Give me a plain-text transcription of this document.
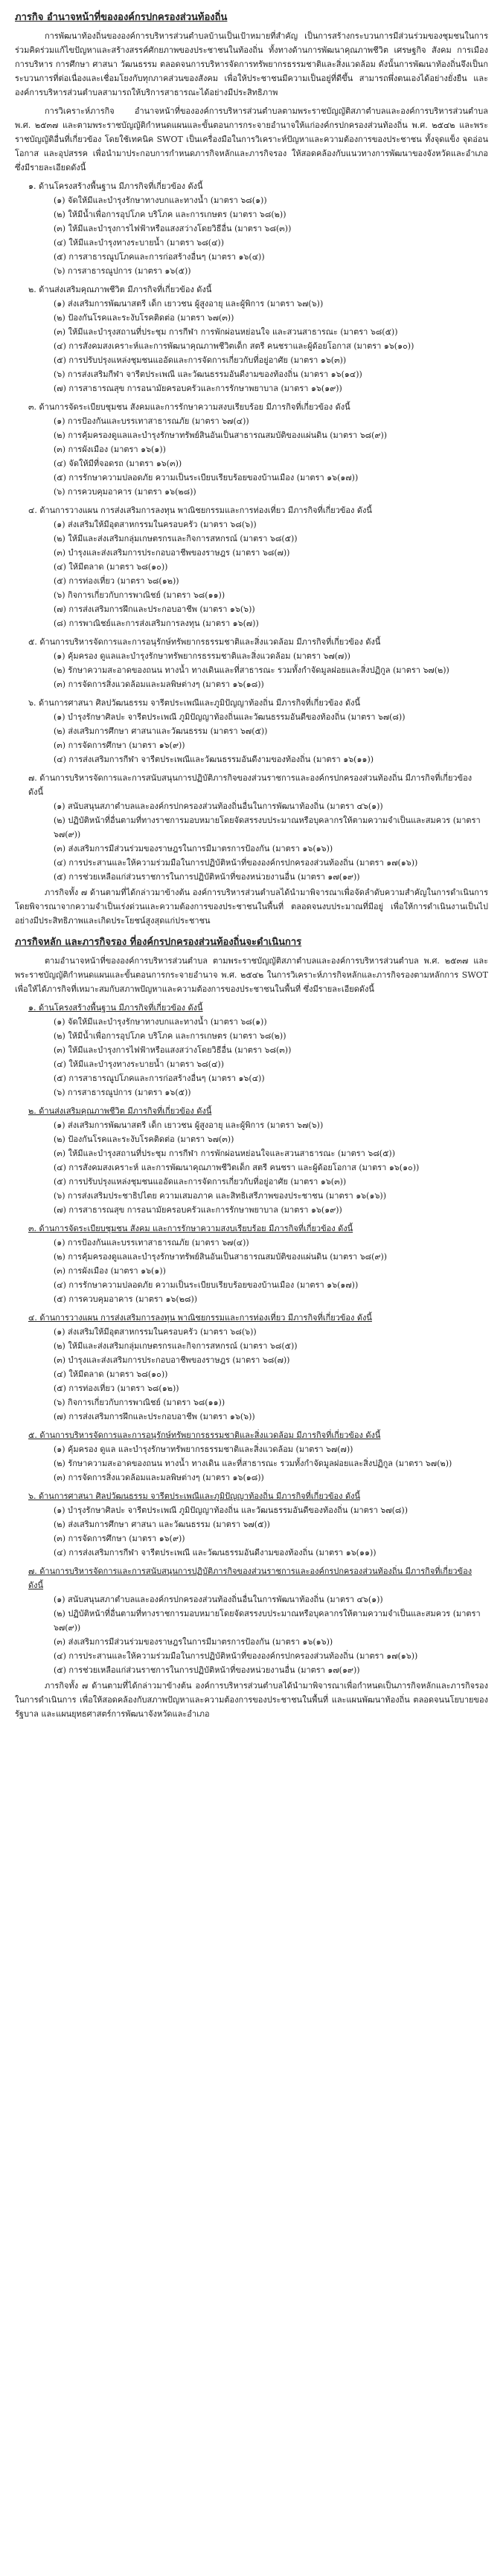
ภารกิจ อำนาจหน้าที่ขององค์กรปกครองส่วนท้องถิ่น

การพัฒนาท้องถิ่นขององค์การบริหารส่วนตำบลบ้านเป็นเป้าหมายที่สำคัญ เป็นการสร้างกระบวนการมีส่วนร่วมของชุมชนในการร่วมคิดร่วมแก้ไขปัญหาและสร้างสรรค์ศักยภาพของประชาชนในท้องถิ่น ทั้งทางด้านการพัฒนาคุณภาพชีวิต เศรษฐกิจ สังคม การเมือง การบริหาร การศึกษา ศาสนา วัฒนธรรม ตลอดจนการบริหารจัดการทรัพยากรธรรมชาติและสิ่งแวดล้อม ดังนั้นการพัฒนาท้องถิ่นจึงเป็นกระบวนการที่ต่อเนื่องและเชื่อมโยงกับทุกภาคส่วนของสังคม เพื่อให้ประชาชนมีความเป็นอยู่ที่ดีขึ้น สามารถพึ่งตนเองได้อย่างยั่งยืน และองค์การบริหารส่วนตำบลสามารถให้บริการสาธารณะได้อย่างมีประสิทธิภาพ

การวิเคราะห์ภารกิจ อำนาจหน้าที่ขององค์การบริหารส่วนตำบลตามพระราชบัญญัติสภาตำบลและองค์การบริหารส่วนตำบล พ.ศ. ๒๕๓๗ และตามพระราชบัญญัติกำหนดแผนและขั้นตอนการกระจายอำนาจให้แก่องค์กรปกครองส่วนท้องถิ่น พ.ศ. ๒๕๔๒ และพระราชบัญญัติอื่นที่เกี่ยวข้อง โดยใช้เทคนิค SWOT เป็นเครื่องมือในการวิเคราะห์ปัญหาและความต้องการของประชาชน ทั้งจุดแข็ง จุดอ่อน โอกาส และอุปสรรค เพื่อนำมาประกอบการกำหนดภารกิจหลักและภารกิจรอง ให้สอดคล้องกับแนวทางการพัฒนาของจังหวัดและอำเภอ ซึ่งมีรายละเอียดดังนี้

๑. ด้านโครงสร้างพื้นฐาน มีภารกิจที่เกี่ยวข้อง ดังนี้
(๑) จัดให้มีและบำรุงรักษาทางบกและทางน้ำ (มาตรา ๖๘(๑))
(๒) ให้มีน้ำเพื่อการอุปโภค บริโภค และการเกษตร (มาตรา ๖๘(๒))
(๓) ให้มีและบำรุงการไฟฟ้าหรือแสงสว่างโดยวิธีอื่น (มาตรา ๖๘(๓))
(๔) ให้มีและบำรุงทางระบายน้ำ (มาตรา ๖๘(๔))
(๕) การสาธารณูปโภคและการก่อสร้างอื่นๆ (มาตรา ๑๖(๔))
(๖) การสาธารณูปการ (มาตรา ๑๖(๕))
๒. ด้านส่งเสริมคุณภาพชีวิต มีภารกิจที่เกี่ยวข้อง ดังนี้
(๑) ส่งเสริมการพัฒนาสตรี เด็ก เยาวชน ผู้สูงอายุ และผู้พิการ (มาตรา ๖๗(๖))
(๒) ป้องกันโรคและระงับโรคติดต่อ (มาตรา ๖๗(๓))
(๓) ให้มีและบำรุงสถานที่ประชุม การกีฬา การพักผ่อนหย่อนใจ และสวนสาธารณะ (มาตรา ๖๘(๕))
(๔) การสังคมสงเคราะห์และการพัฒนาคุณภาพชีวิตเด็ก สตรี คนชราและผู้ด้อยโอกาส (มาตรา ๑๖(๑๐))
(๕) การปรับปรุงแหล่งชุมชนแออัดและการจัดการเกี่ยวกับที่อยู่อาศัย (มาตรา ๑๖(๓))
(๖) การส่งเสริมกีฬา จารีตประเพณี และวัฒนธรรมอันดีงามของท้องถิ่น (มาตรา ๑๖(๑๔))
(๗) การสาธารณสุข การอนามัยครอบครัวและการรักษาพยาบาล (มาตรา ๑๖(๑๙))
๓. ด้านการจัดระเบียบชุมชน สังคมและการรักษาความสงบเรียบร้อย มีภารกิจที่เกี่ยวข้อง ดังนี้
(๑) การป้องกันและบรรเทาสาธารณภัย (มาตรา ๖๗(๔))
(๒) การคุ้มครองดูแลและบำรุงรักษาทรัพย์สินอันเป็นสาธารณสมบัติของแผ่นดิน (มาตรา ๖๘(๙))
(๓) การผังเมือง (มาตรา ๑๖(๑))
(๔) จัดให้มีที่จอดรถ (มาตรา ๑๖(๓))
(๕) การรักษาความปลอดภัย ความเป็นระเบียบเรียบร้อยของบ้านเมือง (มาตรา ๑๖(๑๗))
(๖) การควบคุมอาคาร (มาตรา ๑๖(๒๘))
๔. ด้านการวางแผน การส่งเสริมการลงทุน พาณิชยกรรมและการท่องเที่ยว มีภารกิจที่เกี่ยวข้อง ดังนี้
(๑) ส่งเสริมให้มีอุตสาหกรรมในครอบครัว (มาตรา ๖๘(๖))
(๒) ให้มีและส่งเสริมกลุ่มเกษตรกรและกิจการสหกรณ์ (มาตรา ๖๘(๕))
(๓) บำรุงและส่งเสริมการประกอบอาชีพของราษฎร (มาตรา ๖๘(๗))
(๔) ให้มีตลาด (มาตรา ๖๘(๑๐))
(๕) การท่องเที่ยว (มาตรา ๖๘(๑๒))
(๖) กิจการเกี่ยวกับการพาณิชย์ (มาตรา ๖๘(๑๑))
(๗) การส่งเสริมการฝึกและประกอบอาชีพ (มาตรา ๑๖(๖))
(๘) การพาณิชย์และการส่งเสริมการลงทุน (มาตรา ๑๖(๗))
๕. ด้านการบริหารจัดการและการอนุรักษ์ทรัพยากรธรรมชาติและสิ่งแวดล้อม มีภารกิจที่เกี่ยวข้อง ดังนี้
(๑) คุ้มครอง ดูแลและบำรุงรักษาทรัพยากรธรรมชาติและสิ่งแวดล้อม (มาตรา ๖๗(๗))
(๒) รักษาความสะอาดของถนน ทางน้ำ ทางเดินและที่สาธารณะ รวมทั้งกำจัดมูลฝอยและสิ่งปฏิกูล (มาตรา ๖๗(๒))
(๓) การจัดการสิ่งแวดล้อมและมลพิษต่างๆ (มาตรา ๑๖(๑๘))
๖. ด้านการศาสนา ศิลปวัฒนธรรม จารีตประเพณีและภูมิปัญญาท้องถิ่น มีภารกิจที่เกี่ยวข้อง ดังนี้
(๑) บำรุงรักษาศิลปะ จารีตประเพณี ภูมิปัญญาท้องถิ่นและวัฒนธรรมอันดีของท้องถิ่น (มาตรา ๖๗(๘))
(๒) ส่งเสริมการศึกษา ศาสนาและวัฒนธรรม (มาตรา ๖๗(๕))
(๓) การจัดการศึกษา (มาตรา ๑๖(๙))
(๔) การส่งเสริมการกีฬา จารีตประเพณีและวัฒนธรรมอันดีงามของท้องถิ่น (มาตรา ๑๖(๑๑))
๗. ด้านการบริหารจัดการและการสนับสนุนการปฏิบัติภารกิจของส่วนราชการและองค์กรปกครองส่วนท้องถิ่น มีภารกิจที่เกี่ยวข้อง ดังนี้
(๑) สนับสนุนสภาตำบลและองค์กรปกครองส่วนท้องถิ่นอื่นในการพัฒนาท้องถิ่น (มาตรา ๔๖(๑))
(๒) ปฏิบัติหน้าที่อื่นตามที่ทางราชการมอบหมายโดยจัดสรรงบประมาณหรือบุคลากรให้ตามความจำเป็นและสมควร (มาตรา ๖๗(๙))
(๓) ส่งเสริมการมีส่วนร่วมของราษฎรในการมีมาตรการป้องกัน (มาตรา ๑๖(๑๖))
(๔) การประสานและให้ความร่วมมือในการปฏิบัติหน้าที่ขององค์กรปกครองส่วนท้องถิ่น (มาตรา ๑๗(๑๖))
(๕) การช่วยเหลือแก่ส่วนราชการในการปฏิบัติหน้าที่ของหน่วยงานอื่น (มาตรา ๑๗(๑๙))

ภารกิจทั้ง ๗ ด้านตามที่ได้กล่าวมาข้างต้น องค์การบริหารส่วนตำบลได้นำมาพิจารณาเพื่อจัดลำดับความสำคัญในการดำเนินการ โดยพิจารณาจากความจำเป็นเร่งด่วนและความต้องการของประชาชนในพื้นที่ ตลอดจนงบประมาณที่มีอยู่ เพื่อให้การดำเนินงานเป็นไปอย่างมีประสิทธิภาพและเกิดประโยชน์สูงสุดแก่ประชาชน

ภารกิจหลัก และภารกิจรอง ที่องค์กรปกครองส่วนท้องถิ่นจะดำเนินการ

ตามอำนาจหน้าที่ขององค์การบริหารส่วนตำบล ตามพระราชบัญญัติสภาตำบลและองค์การบริหารส่วนตำบล พ.ศ. ๒๕๓๗ และพระราชบัญญัติกำหนดแผนและขั้นตอนการกระจายอำนาจ พ.ศ. ๒๕๔๒ ในการวิเคราะห์ภารกิจหลักและภารกิจรองตามหลักการ SWOT เพื่อให้ได้ภารกิจที่เหมาะสมกับสภาพปัญหาและความต้องการของประชาชนในพื้นที่ ซึ่งมีรายละเอียดดังนี้

๑. ด้านโครงสร้างพื้นฐาน มีภารกิจที่เกี่ยวข้อง ดังนี้
(๑) จัดให้มีและบำรุงรักษาทางบกและทางน้ำ (มาตรา ๖๘(๑))
(๒) ให้มีน้ำเพื่อการอุปโภค บริโภค และการเกษตร (มาตรา ๖๘(๒))
(๓) ให้มีและบำรุงการไฟฟ้าหรือแสงสว่างโดยวิธีอื่น (มาตรา ๖๘(๓))
(๔) ให้มีและบำรุงทางระบายน้ำ (มาตรา ๖๘(๔))
(๕) การสาธารณูปโภคและการก่อสร้างอื่นๆ (มาตรา ๑๖(๔))
(๖) การสาธารณูปการ (มาตรา ๑๖(๕))
๒. ด้านส่งเสริมคุณภาพชีวิต มีภารกิจที่เกี่ยวข้อง ดังนี้
(๑) ส่งเสริมการพัฒนาสตรี เด็ก เยาวชน ผู้สูงอายุ และผู้พิการ (มาตรา ๖๗(๖))
(๒) ป้องกันโรคและระงับโรคติดต่อ (มาตรา ๖๗(๓))
(๓) ให้มีและบำรุงสถานที่ประชุม การกีฬา การพักผ่อนหย่อนใจและสวนสาธารณะ (มาตรา ๖๘(๕))
(๔) การสังคมสงเคราะห์ และการพัฒนาคุณภาพชีวิตเด็ก สตรี คนชรา และผู้ด้อยโอกาส (มาตรา ๑๖(๑๐))
(๕) การปรับปรุงแหล่งชุมชนแออัดและการจัดการเกี่ยวกับที่อยู่อาศัย (มาตรา ๑๖(๓))
(๖) การส่งเสริมประชาธิปไตย ความเสมอภาค และสิทธิเสรีภาพของประชาชน (มาตรา ๑๖(๑๖))
(๗) การสาธารณสุข การอนามัยครอบครัวและการรักษาพยาบาล (มาตรา ๑๖(๑๙))
๓. ด้านการจัดระเบียบชุมชน สังคม และการรักษาความสงบเรียบร้อย มีภารกิจที่เกี่ยวข้อง ดังนี้
(๑) การป้องกันและบรรเทาสาธารณภัย (มาตรา ๖๗(๔))
(๒) การคุ้มครองดูแลและบำรุงรักษาทรัพย์สินอันเป็นสาธารณสมบัติของแผ่นดิน (มาตรา ๖๘(๙))
(๓) การผังเมือง (มาตรา ๑๖(๑))
(๔) การรักษาความปลอดภัย ความเป็นระเบียบเรียบร้อยของบ้านเมือง (มาตรา ๑๖(๑๗))
(๕) การควบคุมอาคาร (มาตรา ๑๖(๒๘))
๔. ด้านการวางแผน การส่งเสริมการลงทุน พาณิชยกรรมและการท่องเที่ยว มีภารกิจที่เกี่ยวข้อง ดังนี้
(๑) ส่งเสริมให้มีอุตสาหกรรมในครอบครัว (มาตรา ๖๘(๖))
(๒) ให้มีและส่งเสริมกลุ่มเกษตรกรและกิจการสหกรณ์ (มาตรา ๖๘(๕))
(๓) บำรุงและส่งเสริมการประกอบอาชีพของราษฎร (มาตรา ๖๘(๗))
(๔) ให้มีตลาด (มาตรา ๖๘(๑๐))
(๕) การท่องเที่ยว (มาตรา ๖๘(๑๒))
(๖) กิจการเกี่ยวกับการพาณิชย์ (มาตรา ๖๘(๑๑))
(๗) การส่งเสริมการฝึกและประกอบอาชีพ (มาตรา ๑๖(๖))
๕. ด้านการบริหารจัดการและการอนุรักษ์ทรัพยากรธรรมชาติและสิ่งแวดล้อม มีภารกิจที่เกี่ยวข้อง ดังนี้
(๑) คุ้มครอง ดูแล และบำรุงรักษาทรัพยากรธรรมชาติและสิ่งแวดล้อม (มาตรา ๖๗(๗))
(๒) รักษาความสะอาดของถนน ทางน้ำ ทางเดิน และที่สาธารณะ รวมทั้งกำจัดมูลฝอยและสิ่งปฏิกูล (มาตรา ๖๗(๒))
(๓) การจัดการสิ่งแวดล้อมและมลพิษต่างๆ (มาตรา ๑๖(๑๘))
๖. ด้านการศาสนา ศิลปวัฒนธรรม จารีตประเพณีและภูมิปัญญาท้องถิ่น มีภารกิจที่เกี่ยวข้อง ดังนี้
(๑) บำรุงรักษาศิลปะ จารีตประเพณี ภูมิปัญญาท้องถิ่น และวัฒนธรรมอันดีของท้องถิ่น (มาตรา ๖๗(๘))
(๒) ส่งเสริมการศึกษา ศาสนา และวัฒนธรรม (มาตรา ๖๗(๕))
(๓) การจัดการศึกษา (มาตรา ๑๖(๙))
(๔) การส่งเสริมการกีฬา จารีตประเพณี และวัฒนธรรมอันดีงามของท้องถิ่น (มาตรา ๑๖(๑๑))
๗. ด้านการบริหารจัดการและการสนับสนุนการปฏิบัติภารกิจของส่วนราชการและองค์กรปกครองส่วนท้องถิ่น มีภารกิจที่เกี่ยวข้อง ดังนี้
(๑) สนับสนุนสภาตำบลและองค์กรปกครองส่วนท้องถิ่นอื่นในการพัฒนาท้องถิ่น (มาตรา ๔๖(๑))
(๒) ปฏิบัติหน้าที่อื่นตามที่ทางราชการมอบหมายโดยจัดสรรงบประมาณหรือบุคลากรให้ตามความจำเป็นและสมควร (มาตรา ๖๗(๙))
(๓) ส่งเสริมการมีส่วนร่วมของราษฎรในการมีมาตรการป้องกัน (มาตรา ๑๖(๑๖))
(๔) การประสานและให้ความร่วมมือในการปฏิบัติหน้าที่ขององค์กรปกครองส่วนท้องถิ่น (มาตรา ๑๗(๑๖))
(๕) การช่วยเหลือแก่ส่วนราชการในการปฏิบัติหน้าที่ของหน่วยงานอื่น (มาตรา ๑๗(๑๙))

ภารกิจทั้ง ๗ ด้านตามที่ได้กล่าวมาข้างต้น องค์การบริหารส่วนตำบลได้นำมาพิจารณาเพื่อกำหนดเป็นภารกิจหลักและภารกิจรองในการดำเนินการ เพื่อให้สอดคล้องกับสภาพปัญหาและความต้องการของประชาชนในพื้นที่ และแผนพัฒนาท้องถิ่น ตลอดจนนโยบายของรัฐบาล และแผนยุทธศาสตร์การพัฒนาจังหวัดและอำเภอ
